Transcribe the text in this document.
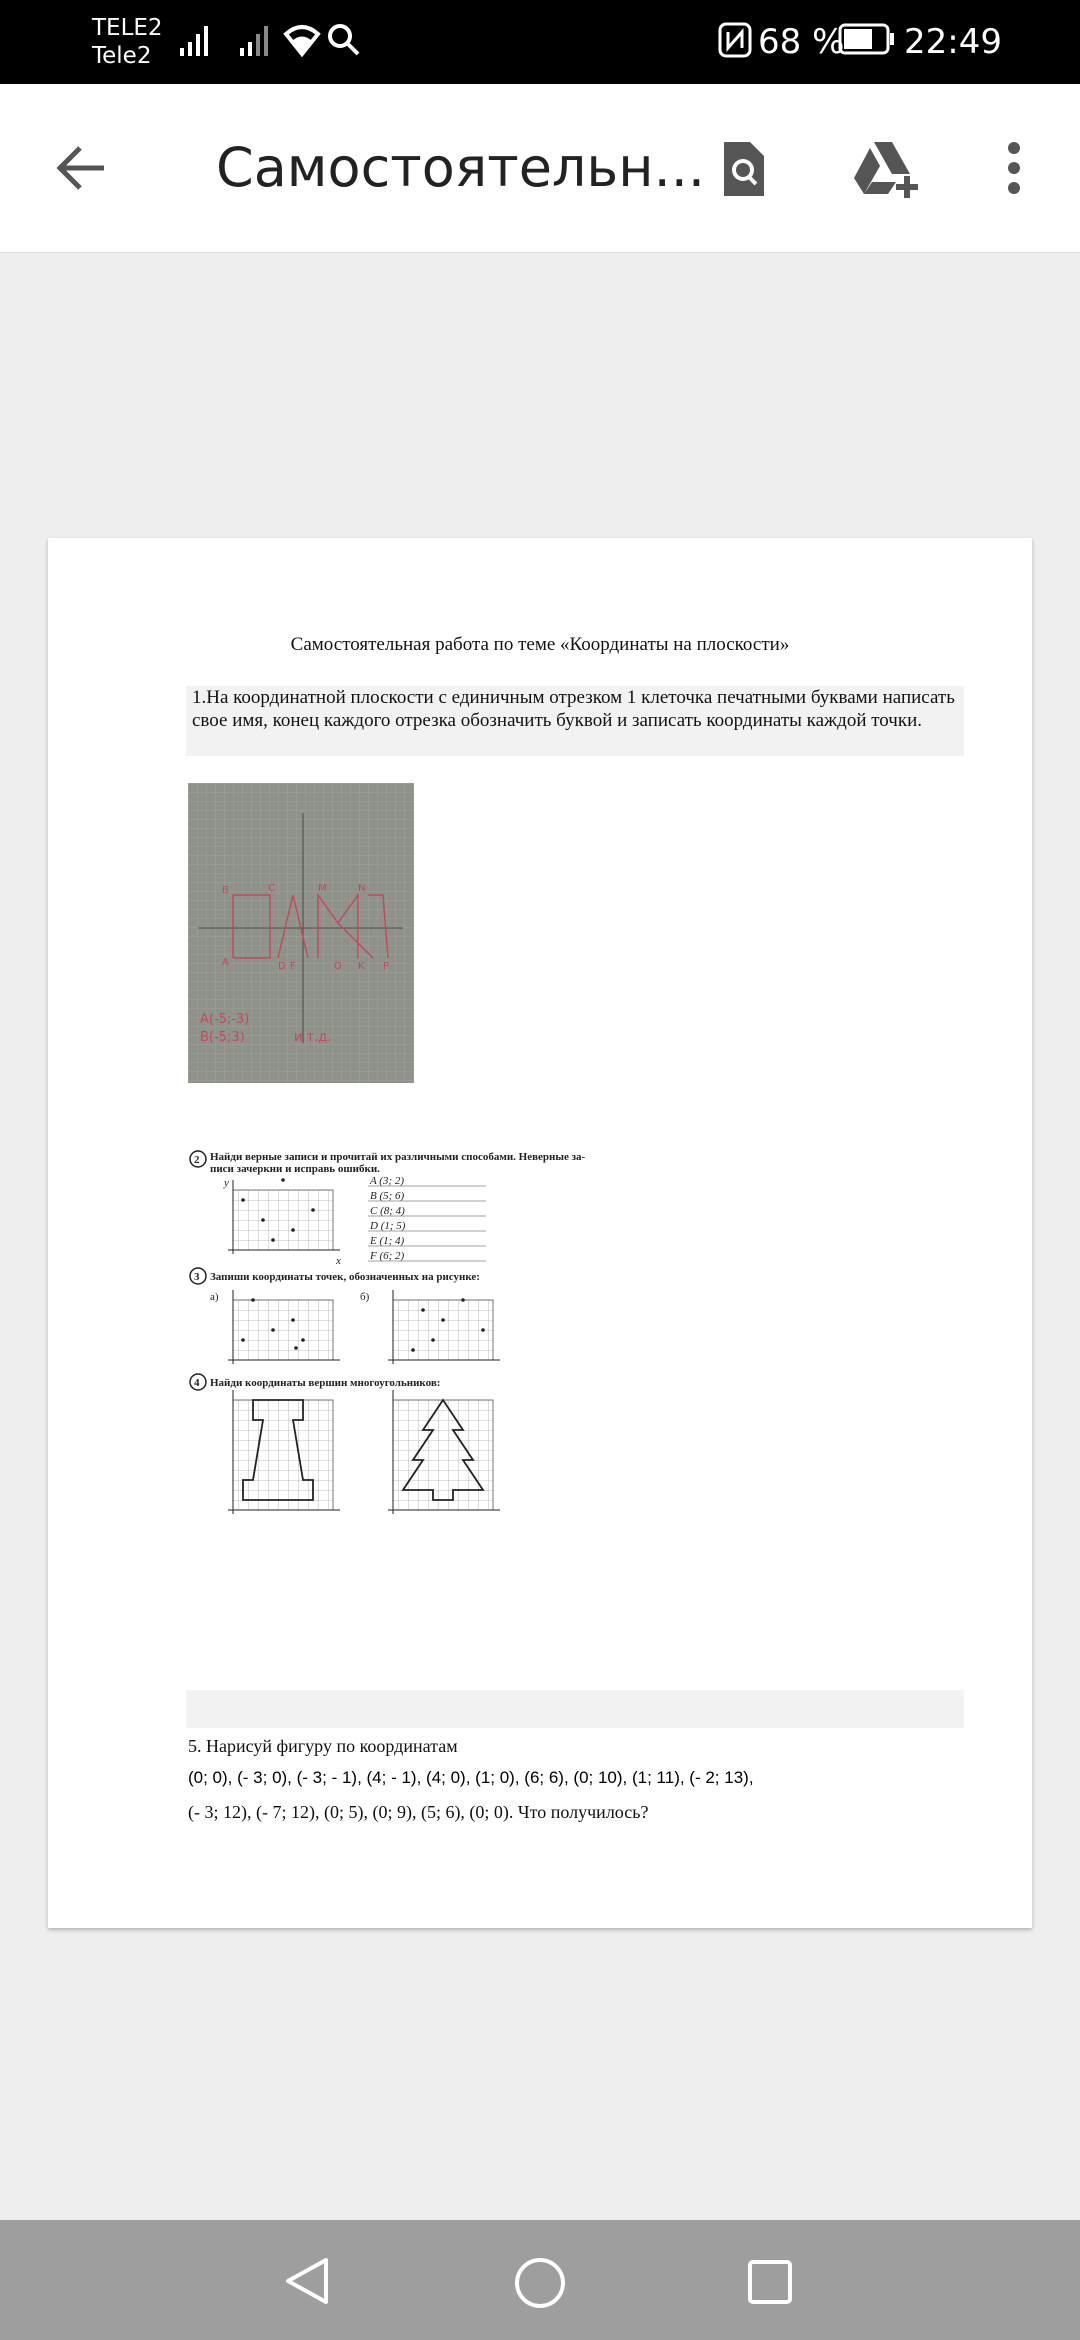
TELE2
Tele2	68 % 22:49
Самостоятельн...
Самостоятельная работа по теме «Координаты на плоскости»
1.На координатной плоскости с единичным отрезком 1 клеточка печатными буквами написать свое имя, конец каждого отрезка обозначить буквой и записать координаты каждой точки.
A
B	C
D F
M	N
O K P
A(-5;-3)
B(-5;3)	и т.д.
2 Найди верные записи и прочитай их различными способами. Неверные за-
писи зачеркни и исправь ошибки.
y
x
A (3; 2)
B (5; 6)
C (8; 4)
D (1; 5)
E (1; 4)
F (6; 2)
3 Запиши координаты точек, обозначенных на рисунке:
а)	б)
4 Найди координаты вершин многоугольников:
5. Нарисуй фигуру по координатам
(0; 0), (- 3; 0), (- 3; - 1), (4; - 1), (4; 0), (1; 0), (6; 6), (0; 10), (1; 11), (- 2; 13),
(- 3; 12), (- 7; 12), (0; 5), (0; 9), (5; 6), (0; 0). Что получилось?
